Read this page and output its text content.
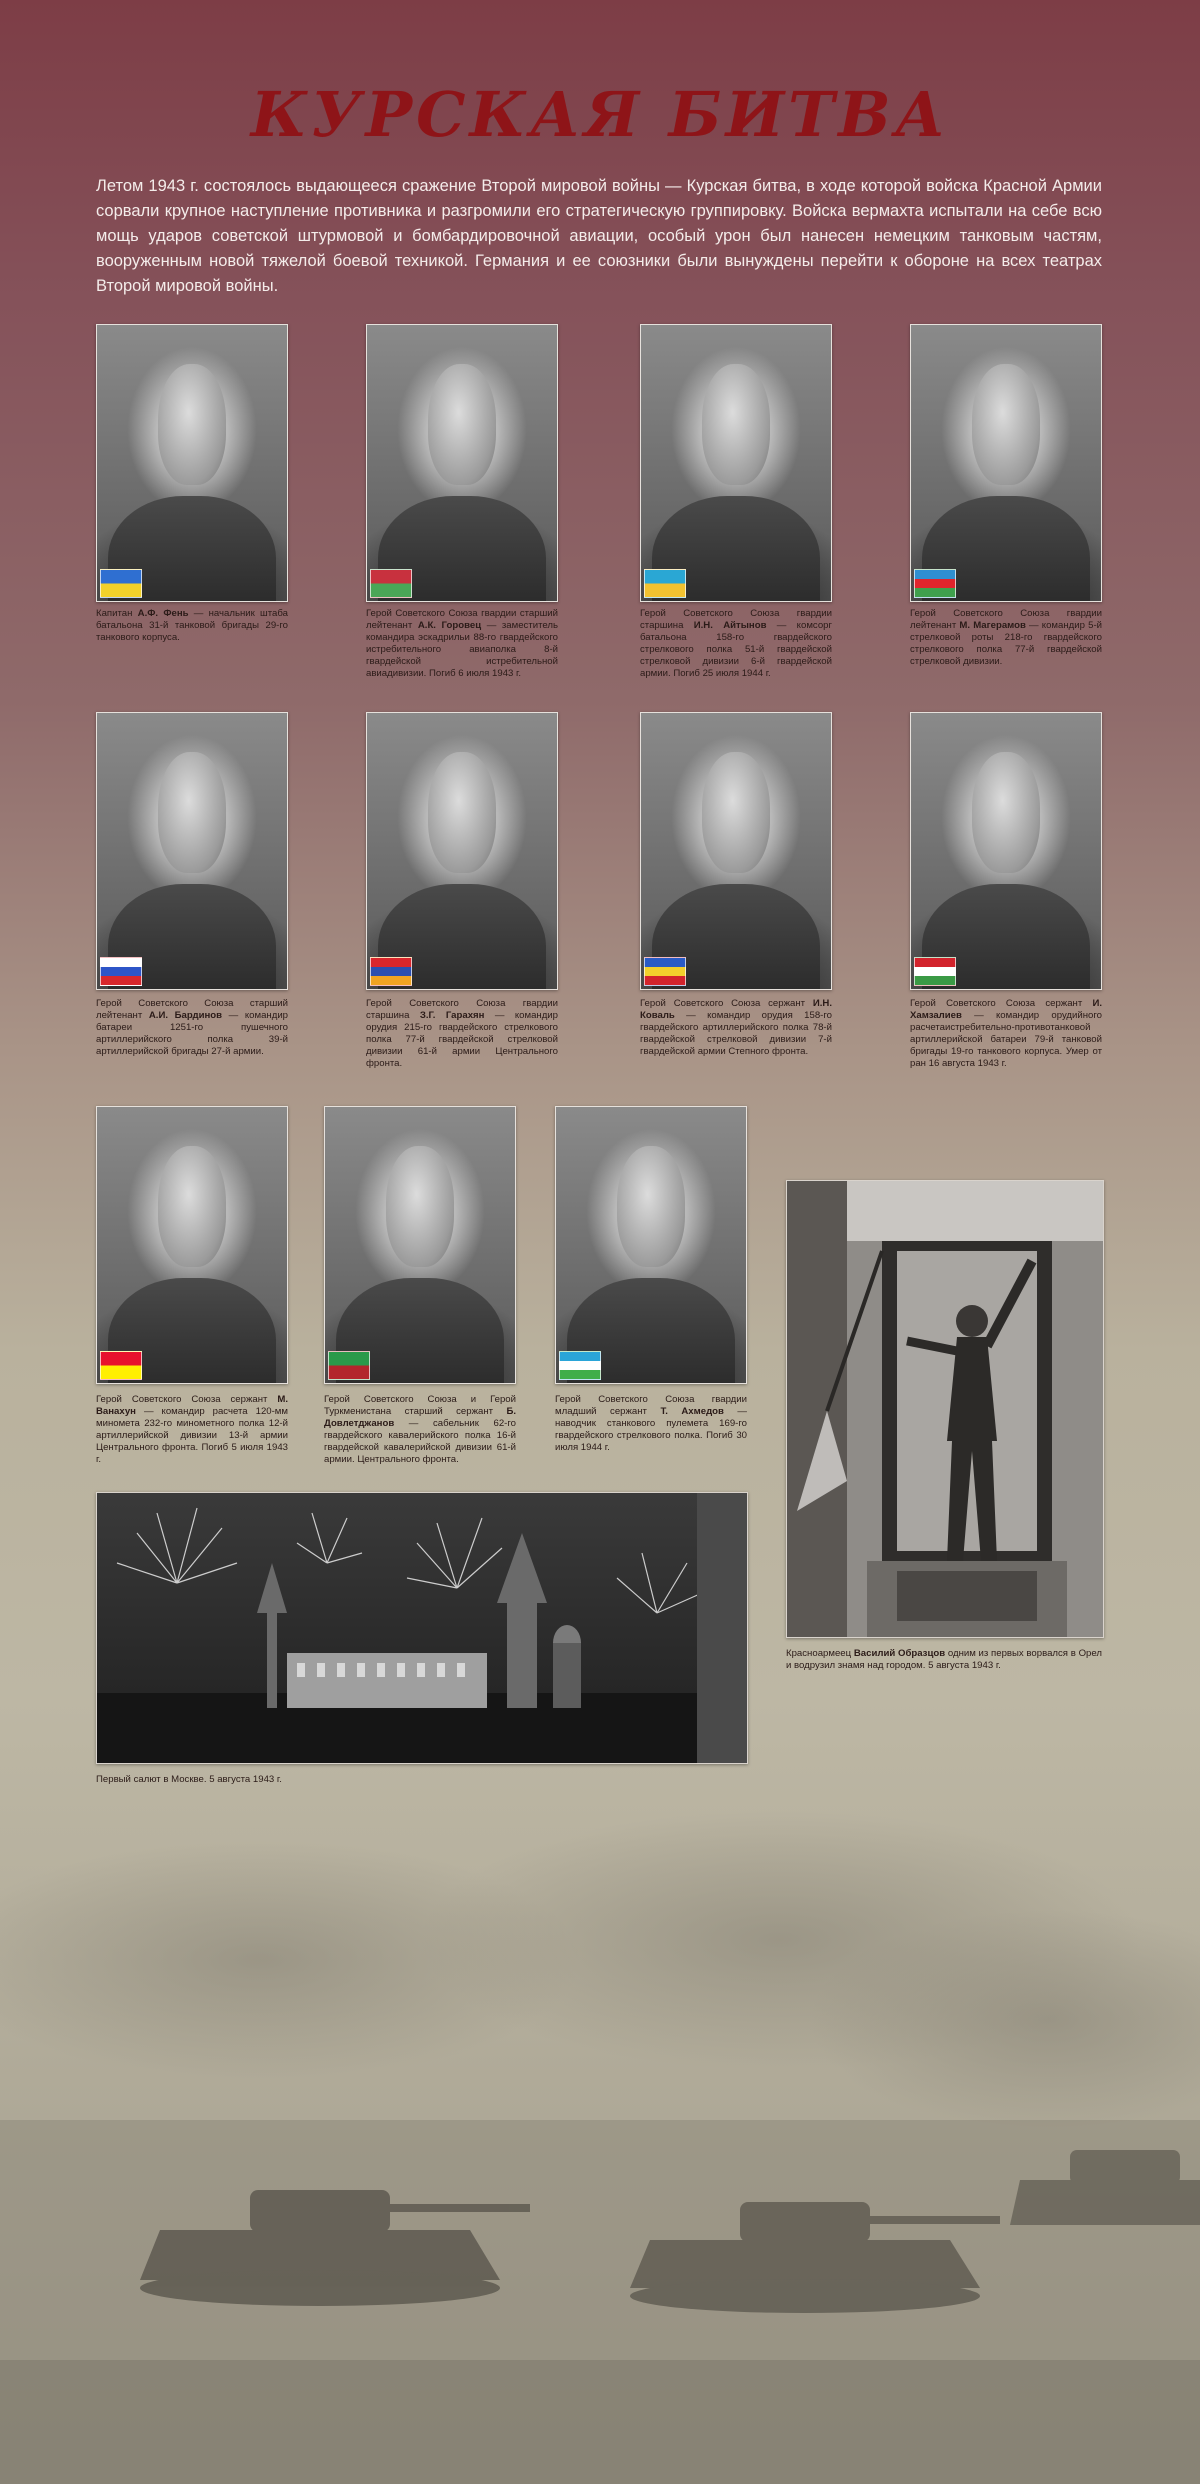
КУРСКАЯ БИТВА
Летом 1943 г. состоялось выдающееся сражение Второй мировой войны — Курская битва, в ходе которой войска Красной Армии сорвали крупное наступление противника и разгромили его стратегическую группировку. Войска вермахта испытали на себе всю мощь ударов советской штурмовой и бомбардировочной авиации, особый урон был нанесен немецким танковым частям, вооруженным новой тяжелой боевой техникой. Германия и ее союзники были вынуждены перейти к обороне на всех театрах Второй мировой войны.
Капитан А.Ф. Фень — начальник штаба батальона 31-й танковой бригады 29-го танкового корпуса.
Герой Советского Союза гвардии старший лейтенант А.К. Горовец — заместитель командира эскадрильи 88-го гвардейского истребительного авиаполка 8-й гвардейской истребительной авиадивизии. Погиб 6 июля 1943 г.
Герой Советского Союза гвардии старшина И.Н. Айтынов — комсорг батальона 158-го гвардейского стрелкового полка 51-й гвардейской стрелковой дивизии 6-й гвардейской армии. Погиб 25 июля 1944 г.
Герой Советского Союза гвардии лейтенант М. Магерамов — командир 5-й стрелковой роты 218-го гвардейского стрелкового полка 77-й гвардейской стрелковой дивизии.
Герой Советского Союза старший лейтенант А.И. Бардинов — командир батареи 1251-го пушечного артиллерийского полка 39-й артиллерийской бригады 27-й армии.
Герой Советского Союза гвардии старшина З.Г. Гарахян — командир орудия 215-го гвардейского стрелкового полка 77-й гвардейской стрелковой дивизии 61-й армии Центрального фронта.
Герой Советского Союза сержант И.Н. Коваль — командир орудия 158-го гвардейского артиллерийского полка 78-й гвардейской стрелковой дивизии 7-й гвардейской армии Степного фронта.
Герой Советского Союза сержант И. Хамзалиев — командир орудийного расчетаистребительно-противотанковой артиллерийской батареи 79-й танковой бригады 19-го танкового корпуса. Умер от ран 16 августа 1943 г.
Герой Советского Союза сержант М. Ванахун — командир расчета 120-мм миномета 232-го минометного полка 12-й артиллерийской дивизии 13-й армии Центрального фронта. Погиб 5 июля 1943 г.
Герой Советского Союза и Герой Туркменистана старший сержант Б. Довлетджанов — сабельник 62-го гвардейского кавалерийского полка 16-й гвардейской кавалерийской дивизии 61-й армии. Центрального фронта.
Герой Советского Союза гвардии младший сержант Т. Ахмедов — наводчик станкового пулемета 169-го гвардейского стрелкового полка. Погиб 30 июля 1944 г.
Красноармеец Василий Образцов одним из первых ворвался в Орел и водрузил знамя над городом. 5 августа 1943 г.
Первый салют в Москве. 5 августа 1943 г.
